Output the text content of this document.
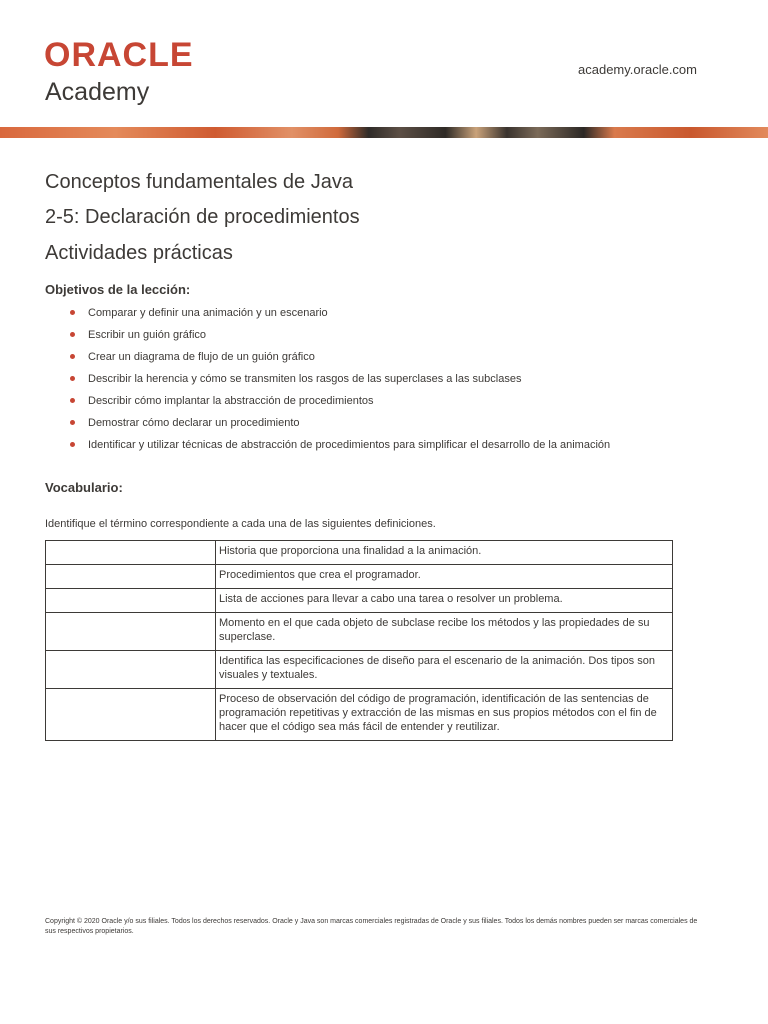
ORACLE
Academy
academy.oracle.com
Conceptos fundamentales de Java
2-5: Declaración de procedimientos
Actividades prácticas
Objetivos de la lección:
Comparar y definir una animación y un escenario
Escribir un guión gráfico
Crear un diagrama de flujo de un guión gráfico
Describir la herencia y cómo se transmiten los rasgos de las superclases a las subclases
Describir cómo implantar la abstracción de procedimientos
Demostrar cómo declarar un procedimiento
Identificar y utilizar técnicas de abstracción de procedimientos para simplificar el desarrollo de la animación
Vocabulario:
Identifique el término correspondiente a cada una de las siguientes definiciones.
	Historia que proporciona una finalidad a la animación.
	Procedimientos que crea el programador.
	Lista de acciones para llevar a cabo una tarea o resolver un problema.
	Momento en el que cada objeto de subclase recibe los métodos y las propiedades de su superclase.
	Identifica las especificaciones de diseño para el escenario de la animación. Dos tipos son visuales y textuales.
	Proceso de observación del código de programación, identificación de las sentencias de programación repetitivas y extracción de las mismas en sus propios métodos con el fin de hacer que el código sea más fácil de entender y reutilizar.
Copyright © 2020 Oracle y/o sus filiales. Todos los derechos reservados. Oracle y Java son marcas comerciales registradas de Oracle y sus filiales. Todos los demás nombres pueden ser marcas comerciales de sus respectivos propietarios.
